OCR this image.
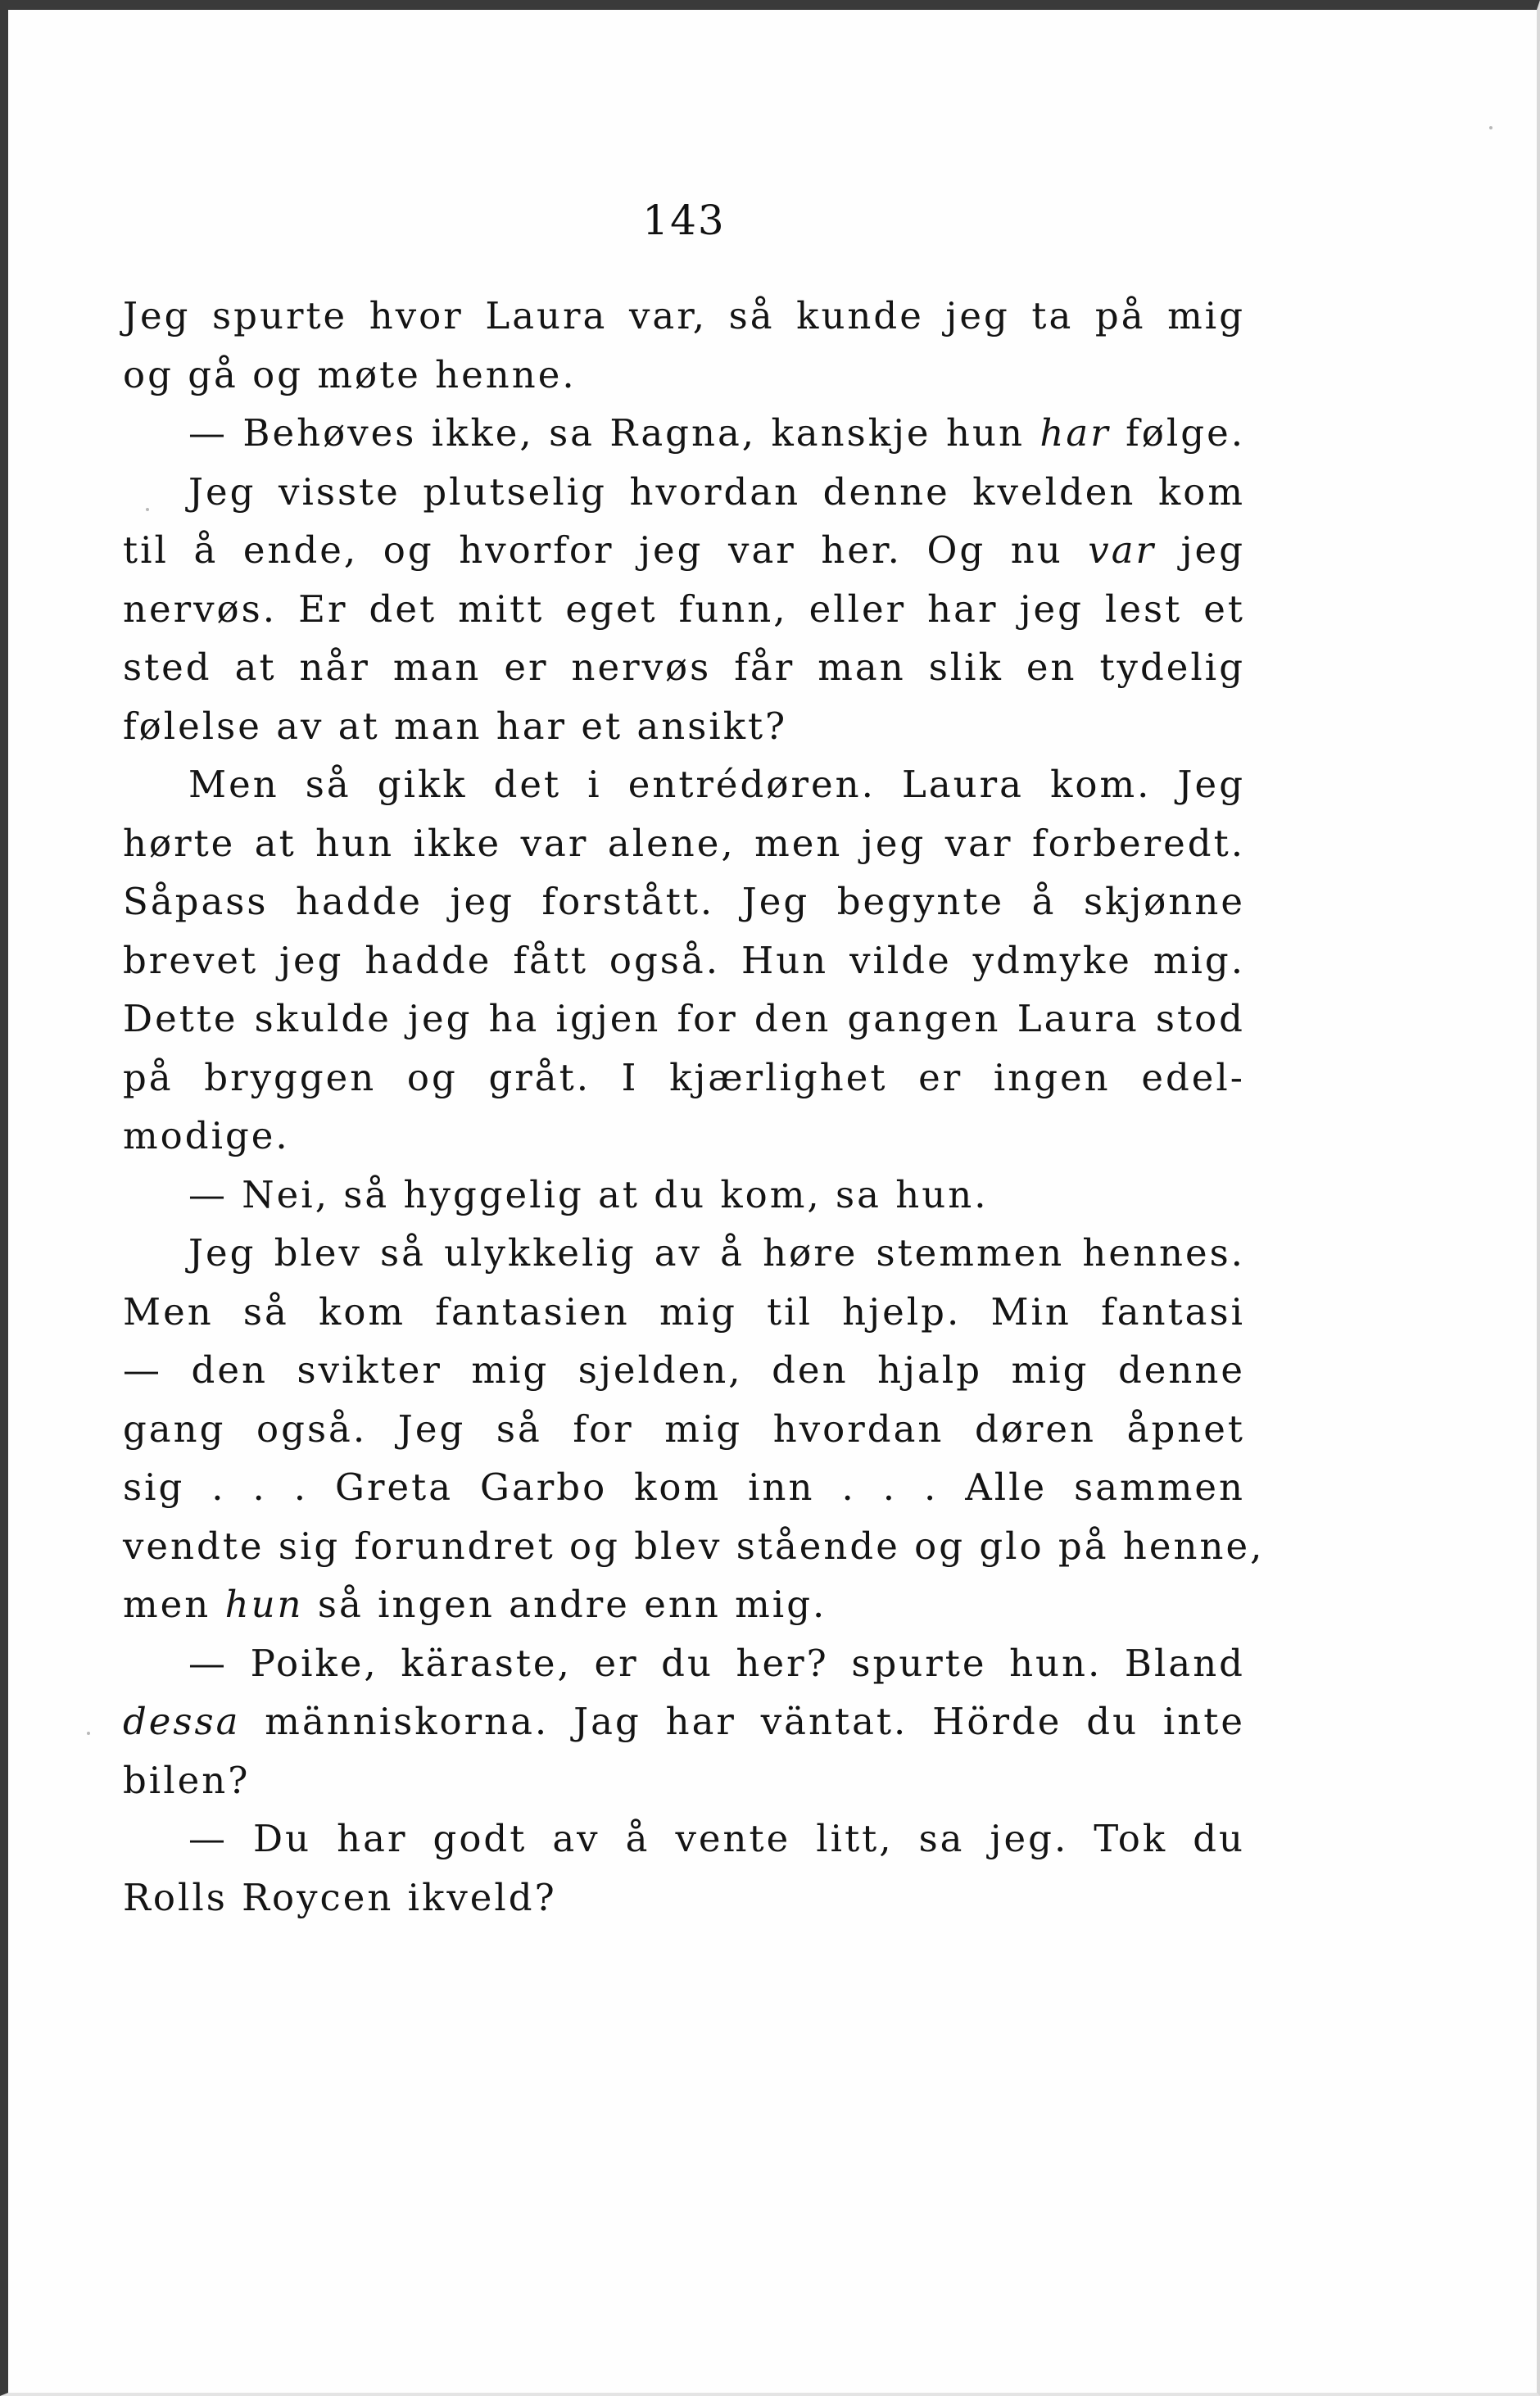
143
Jeg spurte hvor Laura var, så kunde jeg ta på mig
og gå og møte henne.
— Behøves ikke, sa Ragna, kanskje hun har følge.
Jeg visste plutselig hvordan denne kvelden kom
til å ende, og hvorfor jeg var her. Og nu var jeg
nervøs. Er det mitt eget funn, eller har jeg lest et
sted at når man er nervøs får man slik en tydelig
følelse av at man har et ansikt?
Men så gikk det i entrédøren. Laura kom. Jeg
hørte at hun ikke var alene, men jeg var forberedt.
Såpass hadde jeg forstått. Jeg begynte å skjønne
brevet jeg hadde fått også. Hun vilde ydmyke mig.
Dette skulde jeg ha igjen for den gangen Laura stod
på bryggen og gråt. I kjærlighet er ingen edel-
modige.
— Nei, så hyggelig at du kom, sa hun.
Jeg blev så ulykkelig av å høre stemmen hennes.
Men så kom fantasien mig til hjelp. Min fantasi
— den svikter mig sjelden, den hjalp mig denne
gang også. Jeg så for mig hvordan døren åpnet
sig . . . Greta Garbo kom inn . . . Alle sammen
vendte sig forundret og blev stående og glo på henne,
men hun så ingen andre enn mig.
— Poike, käraste, er du her? spurte hun. Bland
dessa människorna. Jag har väntat. Hörde du inte
bilen?
— Du har godt av å vente litt, sa jeg. Tok du
Rolls Roycen ikveld?
